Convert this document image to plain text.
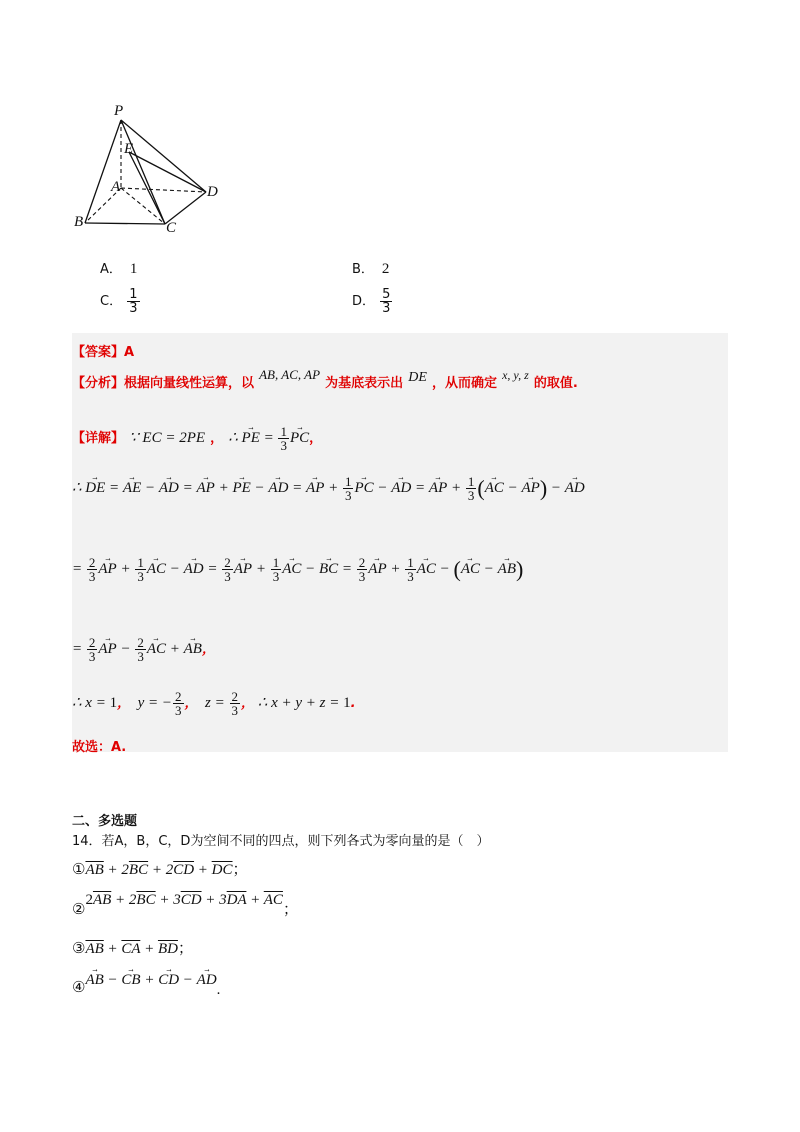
P
E
A	D
B	C
A． 1	B． 2
C． $\frac{1}{3}$	D． $\frac{5}{3}$
【答案】A
【分析】根据向量线性运算，以 $^{AB, AC, AP}$ 为基底表示出 DE ，从而确定 $^{x, y, z}$ 的取值.
【详解】 ∵ EC = 2PE ， ∴ PE → = $\frac{1}{3}$ PC →，
∴ DE → = AE → − AD → = AP → + PE → − AD → = AP → + $\frac{1}{3}$ PC → − AD → = AP → + $\frac{1}{3} (AC$ → − AP →) − AD →
= $\frac{2}{3}$ AP → + $\frac{1}{3}$ AC → − AD → = $\frac{2}{3}$ AP → + $\frac{1}{3}$ AC → − BC → = $\frac{2}{3}$ AP → + $\frac{1}{3}$ AC → − (AC → − AB →)
= $\frac{2}{3}$ AP → − $\frac{2}{3}$ AC → + AB →，
∴ x = 1， y = − $\frac{2}{3}$ ， $z = \frac{2}{3}$ ， ∴ x + y + z = 1.
故选：A.
二、多选题
14．若A，B，C，D为空间不同的四点，则下列各式为零向量的是（　）
$①\overline{AB} + 2\overline{BC} + 2\overline{CD} + \overline{DC}$；
$②2\overline{AB} + 2\overline{BC} + 3\overline{CD} + 3\overline{DA} + \overline{AC}$；
$③\overline{AB} + \overline{CA} + \overline{BD}$；
④AB → − CB → + CD → − AD →.
